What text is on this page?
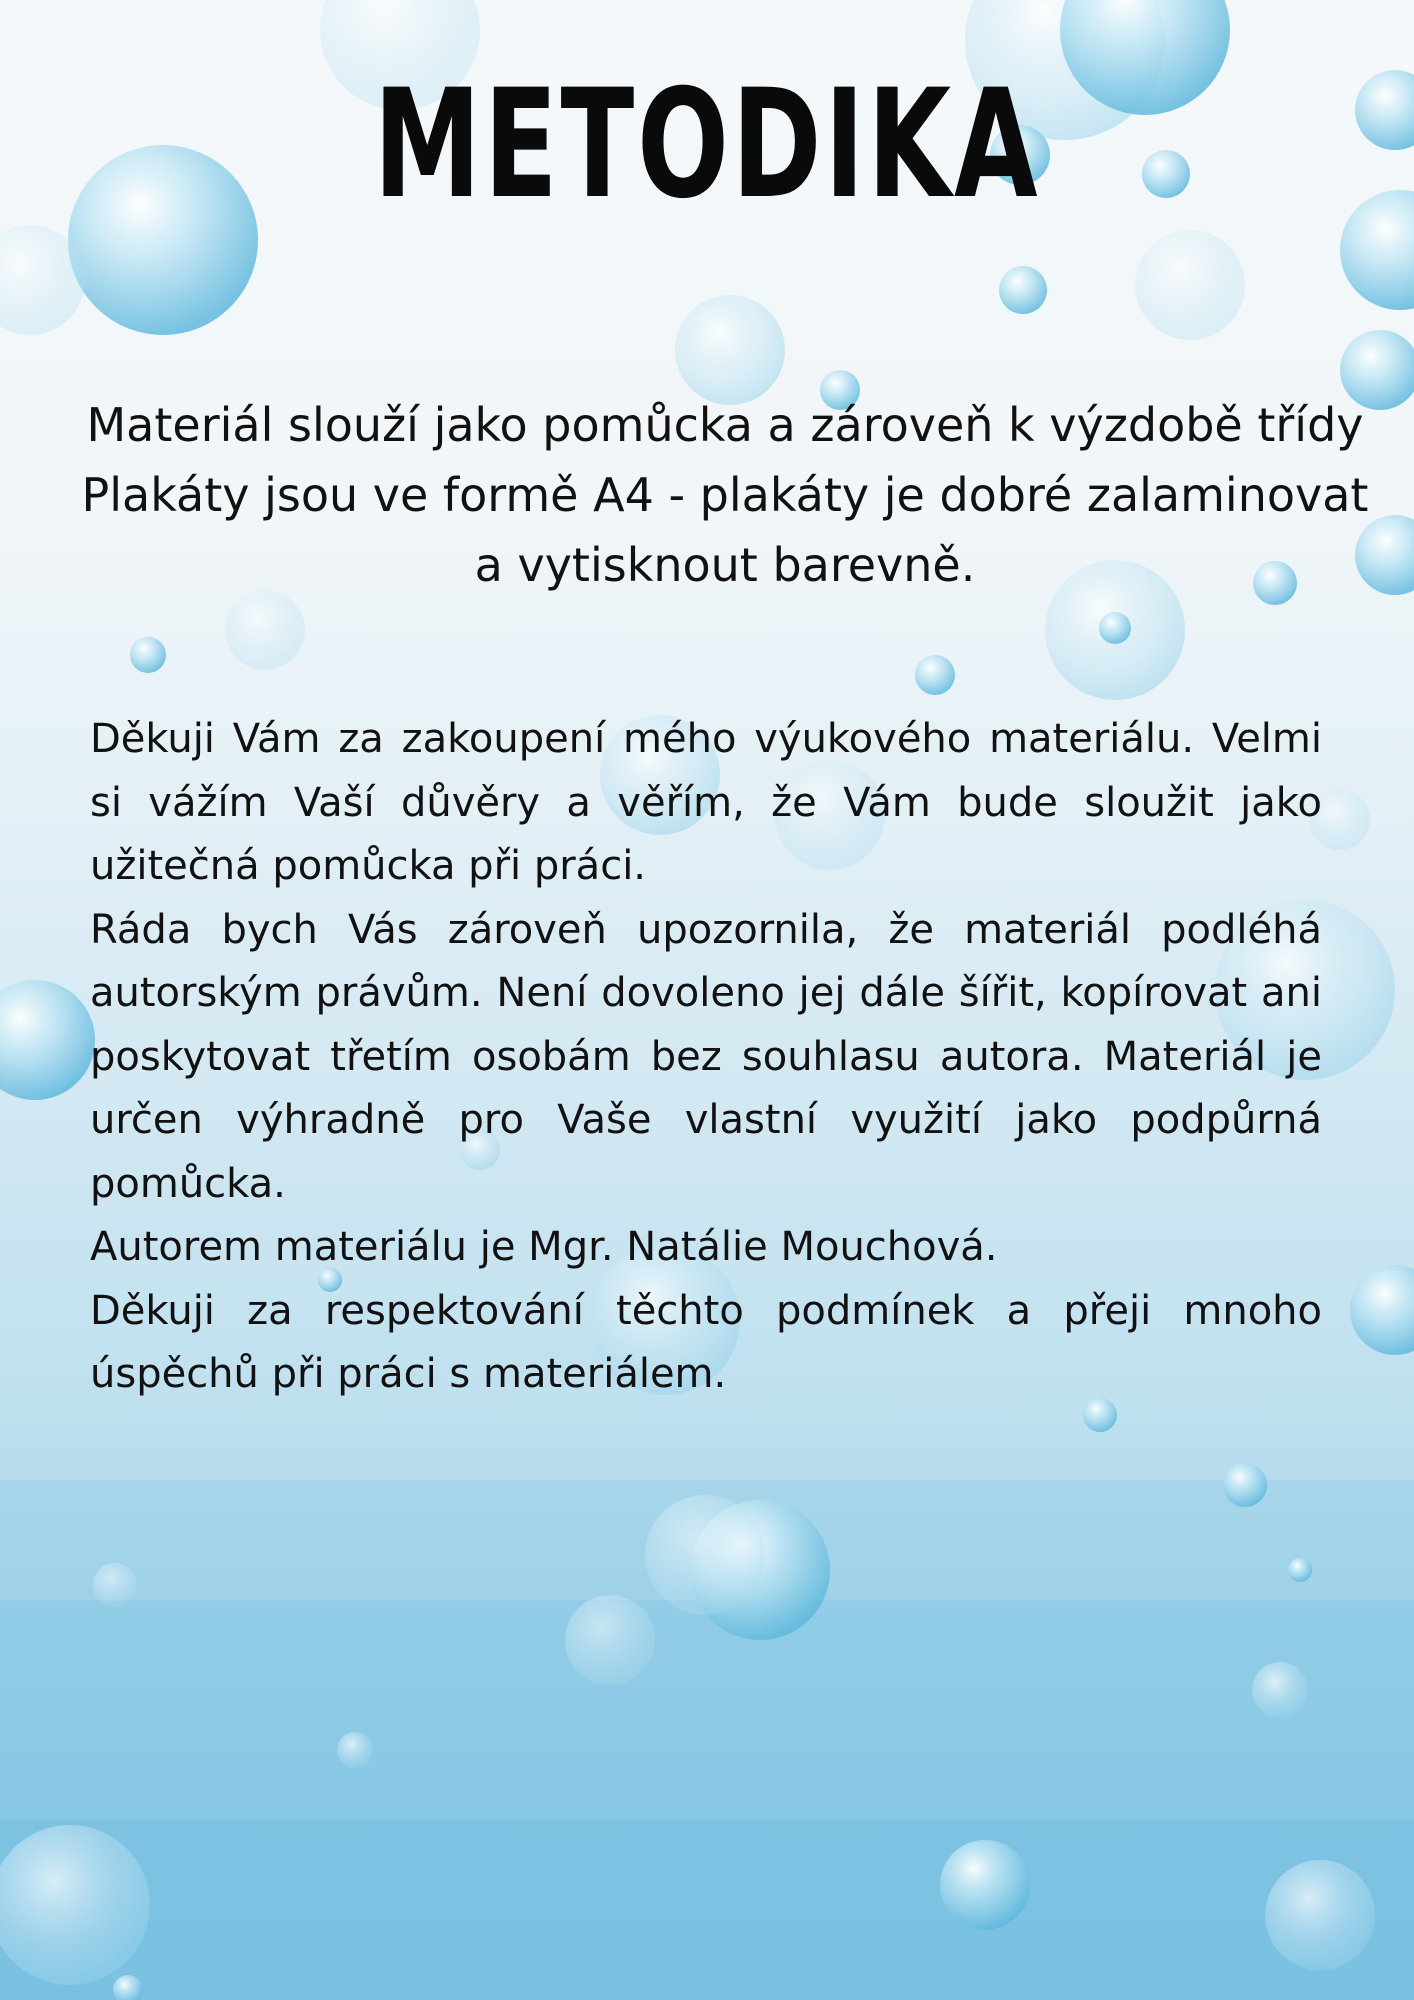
METODIKA
Materiál slouží jako pomůcka a zároveň k výzdobě třídy
Plakáty jsou ve formě A4 - plakáty je dobré zalaminovat
a vytisknout barevně.

Děkuji Vám za zakoupení mého výukového materiálu. Velmi si vážím Vaší důvěry a věřím, že Vám bude sloužit jako užitečná pomůcka při práci.

Ráda bych Vás zároveň upozornila, že materiál podléhá autorským právům. Není dovoleno jej dále šířit, kopírovat ani poskytovat třetím osobám bez souhlasu autora. Materiál je určen výhradně pro Vaše vlastní využití jako podpůrná pomůcka.

Autorem materiálu je Mgr. Natálie Mouchová.

Děkuji za respektování těchto podmínek a přeji mnoho úspěchů při práci s materiálem.
